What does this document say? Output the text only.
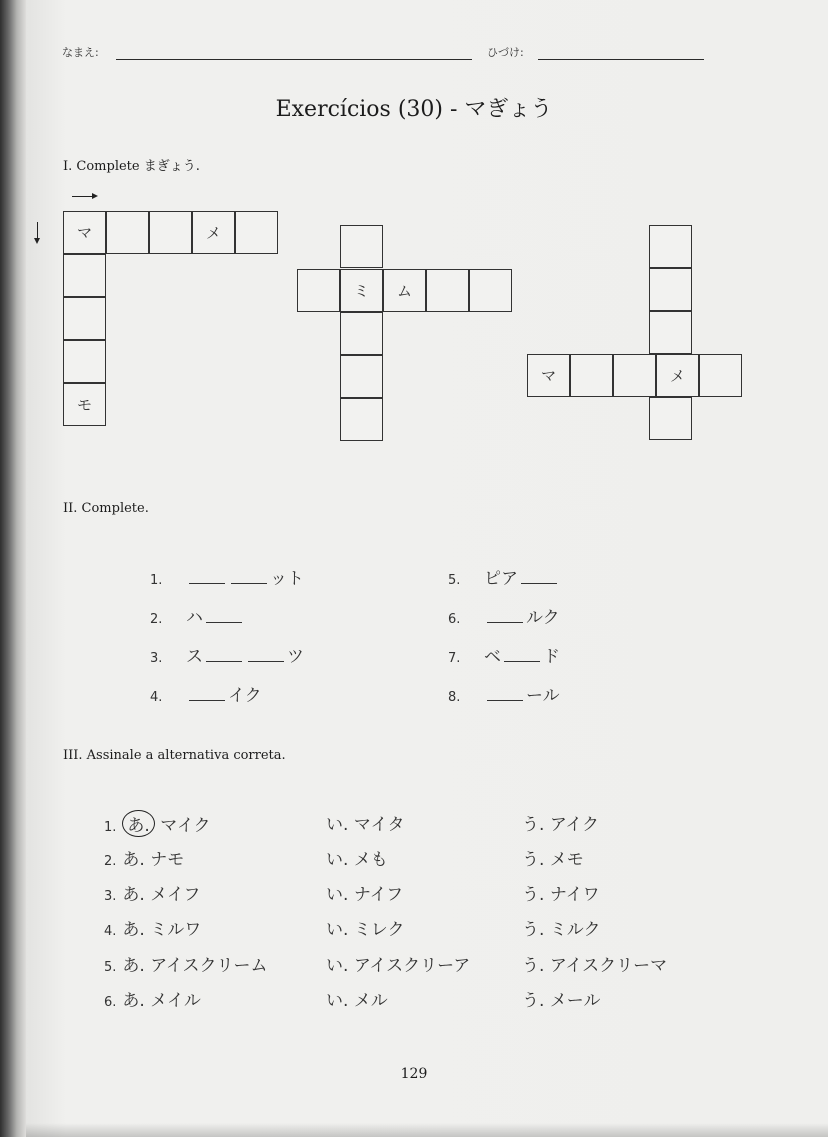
なまえ:	ひづけ:
Exercícios (30) - マぎょう
I. Complete まぎょう.
マ	メ
モ
ミ	ム
マ	メ
II. Complete.
1.	ット
2.	ハ
3.	ス	ツ
4.	イク
5.	ピア
6.	ルク
7.	ベ ド
8.	ール
III. Assinale a alternativa correta.
1. あ. マイク	い. マイタ	う. アイク
2. あ. ナモ	い. メも	う. メモ
3. あ. メイフ	い. ナイフ	う. ナイワ
4. あ. ミルワ	い. ミレク	う. ミルク
5. あ. アイスクリーム	い. アイスクリーア	う. アイスクリーマ
6. あ. メイル	い. メル	う. メール
129
